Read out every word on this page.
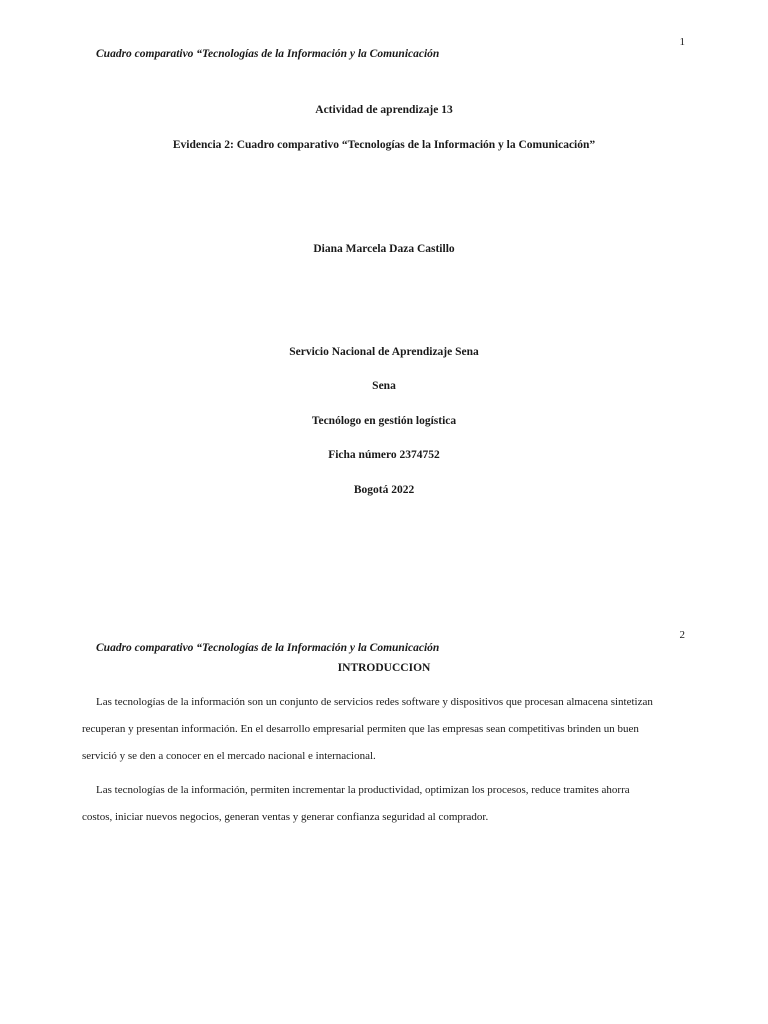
1
Cuadro comparativo “Tecnologías de la Información y la Comunicación
Actividad de aprendizaje 13
Evidencia 2: Cuadro comparativo “Tecnologías de la Información y la Comunicación”
Diana Marcela Daza Castillo
Servicio Nacional de Aprendizaje Sena
Sena
Tecnólogo en gestión logística
Ficha número 2374752
Bogotá 2022
2
Cuadro comparativo “Tecnologías de la Información y la Comunicación
INTRODUCCION
Las tecnologías de la información son un conjunto de servicios redes software y dispositivos que procesan almacena sintetizan
recuperan y presentan información. En el desarrollo empresarial permiten que las empresas sean competitivas brinden un buen
servició y se den a conocer en el mercado nacional e internacional.
Las tecnologías de la información, permiten incrementar la productividad, optimizan los procesos, reduce tramites ahorra
costos, iniciar nuevos negocios, generan ventas y generar confianza seguridad al comprador.
